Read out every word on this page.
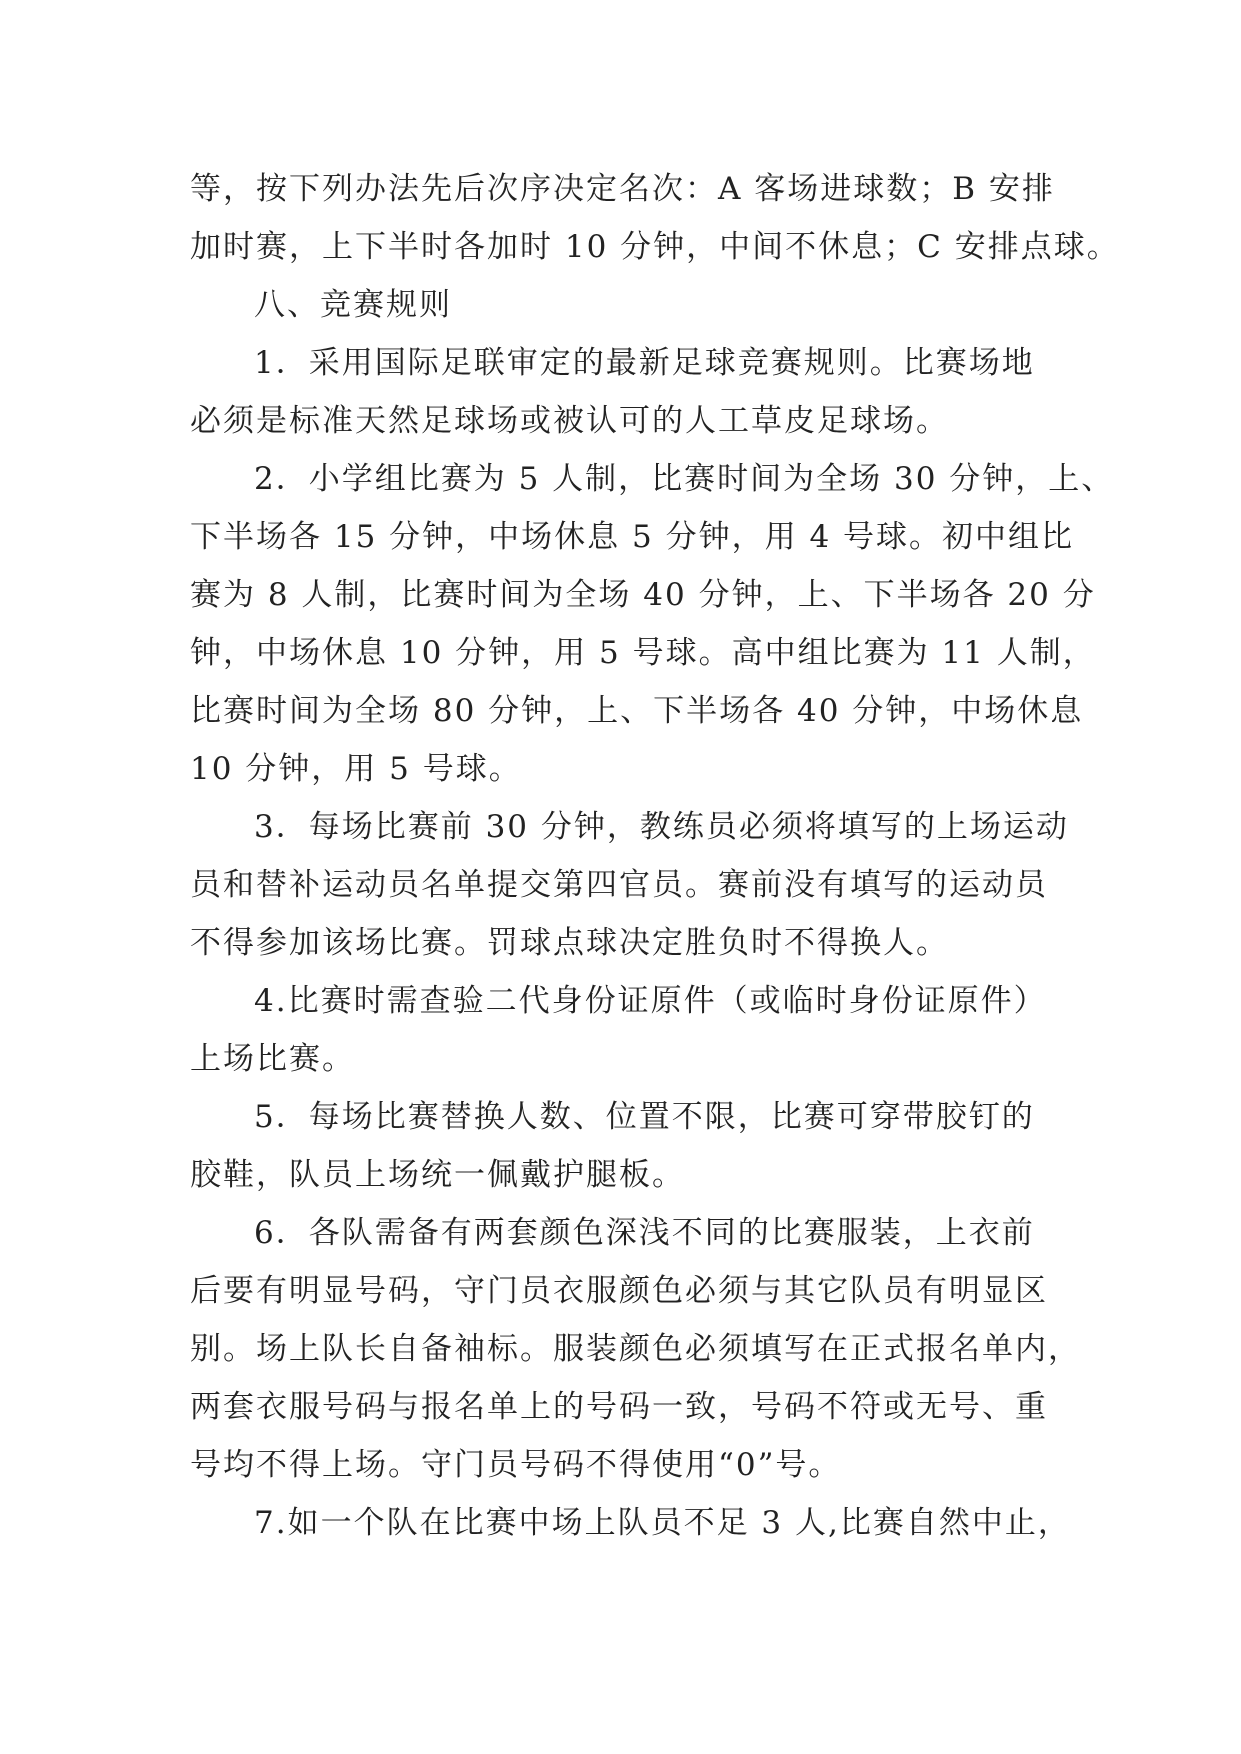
等，按下列办法先后次序决定名次：A 客场进球数；B 安排
加时赛，上下半时各加时 10 分钟，中间不休息；C 安排点球。
八、竞赛规则
1．采用国际足联审定的最新足球竞赛规则。比赛场地
必须是标准天然足球场或被认可的人工草皮足球场。
2．小学组比赛为 5 人制，比赛时间为全场 30 分钟，上、
下半场各 15 分钟，中场休息 5 分钟，用 4 号球。初中组比
赛为 8 人制，比赛时间为全场 40 分钟，上、下半场各 20 分
钟，中场休息 10 分钟，用 5 号球。高中组比赛为 11 人制，
比赛时间为全场 80 分钟，上、下半场各 40 分钟，中场休息
10 分钟，用 5 号球。
3．每场比赛前 30 分钟，教练员必须将填写的上场运动
员和替补运动员名单提交第四官员。赛前没有填写的运动员
不得参加该场比赛。罚球点球决定胜负时不得换人。
4.比赛时需查验二代身份证原件（或临时身份证原件）
上场比赛。
5．每场比赛替换人数、位置不限，比赛可穿带胶钉的
胶鞋，队员上场统一佩戴护腿板。
6．各队需备有两套颜色深浅不同的比赛服装，上衣前
后要有明显号码，守门员衣服颜色必须与其它队员有明显区
别。场上队长自备袖标。服装颜色必须填写在正式报名单内，
两套衣服号码与报名单上的号码一致，号码不符或无号、重
号均不得上场。守门员号码不得使用“0”号。
7.如一个队在比赛中场上队员不足 3 人,比赛自然中止，
